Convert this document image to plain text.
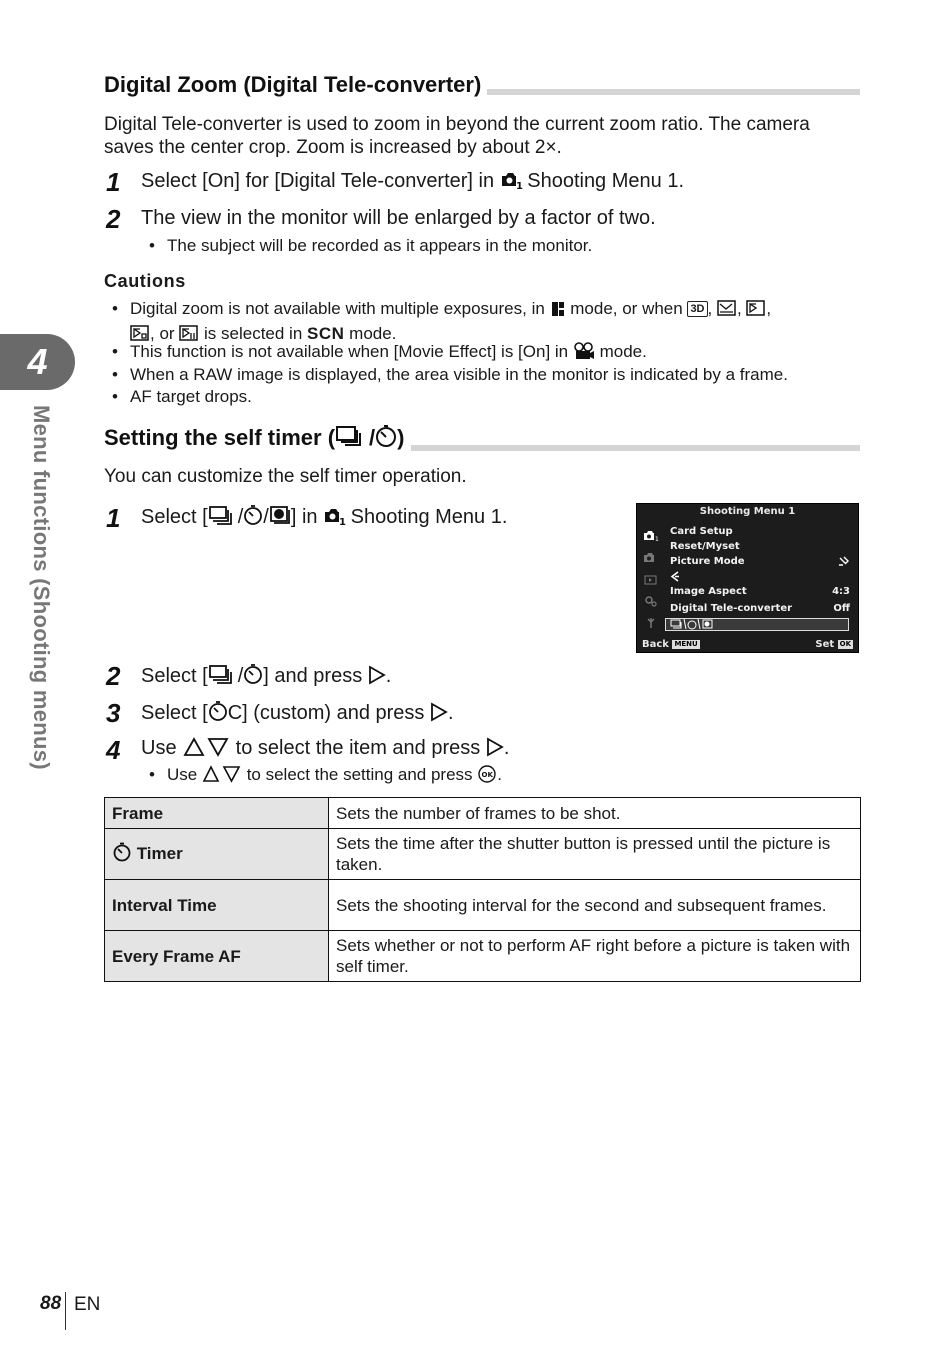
4
Menu functions (Shooting menus)
Digital Zoom (Digital Tele-converter)
Digital Tele-converter is used to zoom in beyond the current zoom ratio. The camera saves the center crop. Zoom is increased by about 2×.
1 Select [On] for [Digital Tele-converter] in 1 Shooting Menu 1.
2 The view in the monitor will be enlarged by a factor of two.
• The subject will be recorded as it appears in the monitor.
Cautions
• Digital zoom is not available with multiple exposures, in  mode, or when 3D , , ,
, or  is selected in SCN mode.
• This function is not available when [Movie Effect] is [On] in  mode.
• When a RAW image is displayed, the area visible in the monitor is indicated by a frame.
• AF target drops.
Setting the self timer ( / )
You can customize the self timer operation.
1 Select [ / / ] in 1 Shooting Menu 1.	Shooting Menu 1
1
Card Setup
Reset/Myset
Picture Mode
Image Aspect	4:3
Digital Tele-converter	Off
Back MENU	Set OK
2 Select [ / ] and press .
3 Select [ C] (custom) and press .
4 Use  to select the item and press .
• Use  to select the setting and press OK .
Frame	Sets the number of frames to be shot.
Timer	Sets the time after the shutter button is pressed until the picture is taken.
Interval Time	Sets the shooting interval for the second and subsequent frames.
Every Frame AF	Sets whether or not to perform AF right before a picture is taken with self timer.
88 EN
